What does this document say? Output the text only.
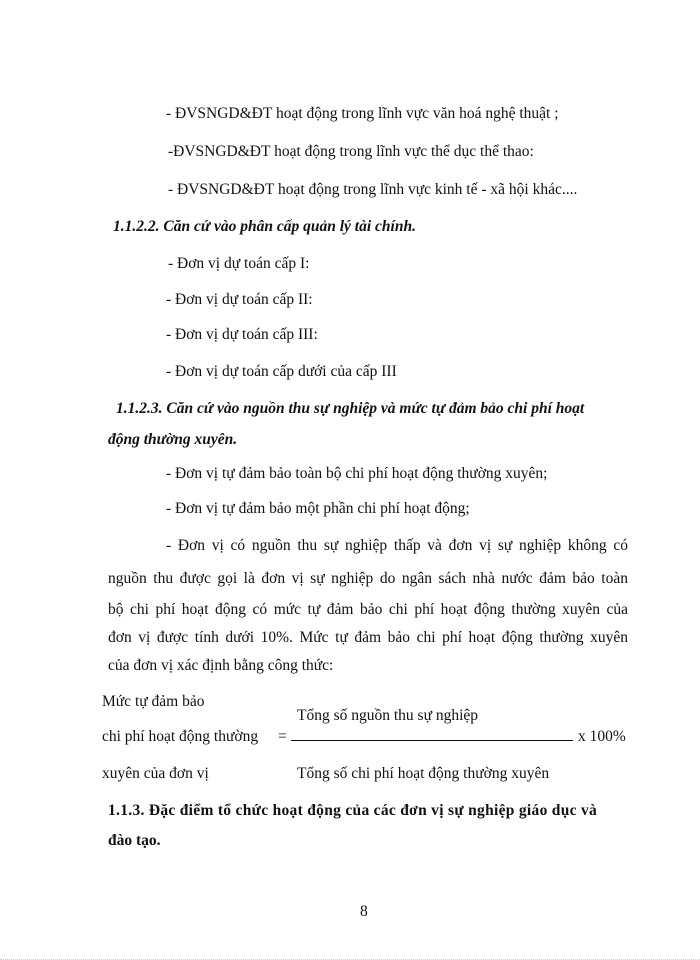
- ĐVSNGD&ĐT hoạt động trong lĩnh vực văn hoá nghệ thuật ;

-ĐVSNGD&ĐT hoạt động trong lĩnh vực thể dục thể thao:

- ĐVSNGD&ĐT hoạt động trong lĩnh vực kinh tế - xã hội khác....

1.1.2.2. Căn cứ vào phân cấp quản lý tài chính.

- Đơn vị dự toán cấp I:

- Đơn vị dự toán cấp II:

- Đơn vị dự toán cấp III:

- Đơn vị dự toán cấp dưới của cấp III

1.1.2.3. Căn cứ vào nguồn thu sự nghiệp và mức tự đảm bảo chi phí hoạt

động thường xuyên.

- Đơn vị tự đảm bảo toàn bộ chi phí hoạt động thường xuyên;

- Đơn vị tự đảm bảo một phần chi phí hoạt động;

- Đơn vị có nguồn thu sự nghiệp thấp và đơn vị sự nghiệp không có

nguồn thu được gọi là đơn vị sự nghiệp do ngân sách nhà nước đảm bảo toàn

bộ chi phí hoạt động có mức tự đảm bảo chi phí hoạt động thường xuyên của

đơn vị được tính dưới 10%. Mức tự đảm bảo chi phí hoạt động thường xuyên

của đơn vị xác định bằng công thức:

Mức tự đảm bảo

chi phí hoạt động thường

xuyên của đơn vị

=

Tổng số nguồn thu sự nghiệp

Tổng số chi phí hoạt động thường xuyên

x 100%

1.1.3. Đặc điểm tổ chức hoạt động của các đơn vị sự nghiệp giáo dục và

đào tạo.

8
